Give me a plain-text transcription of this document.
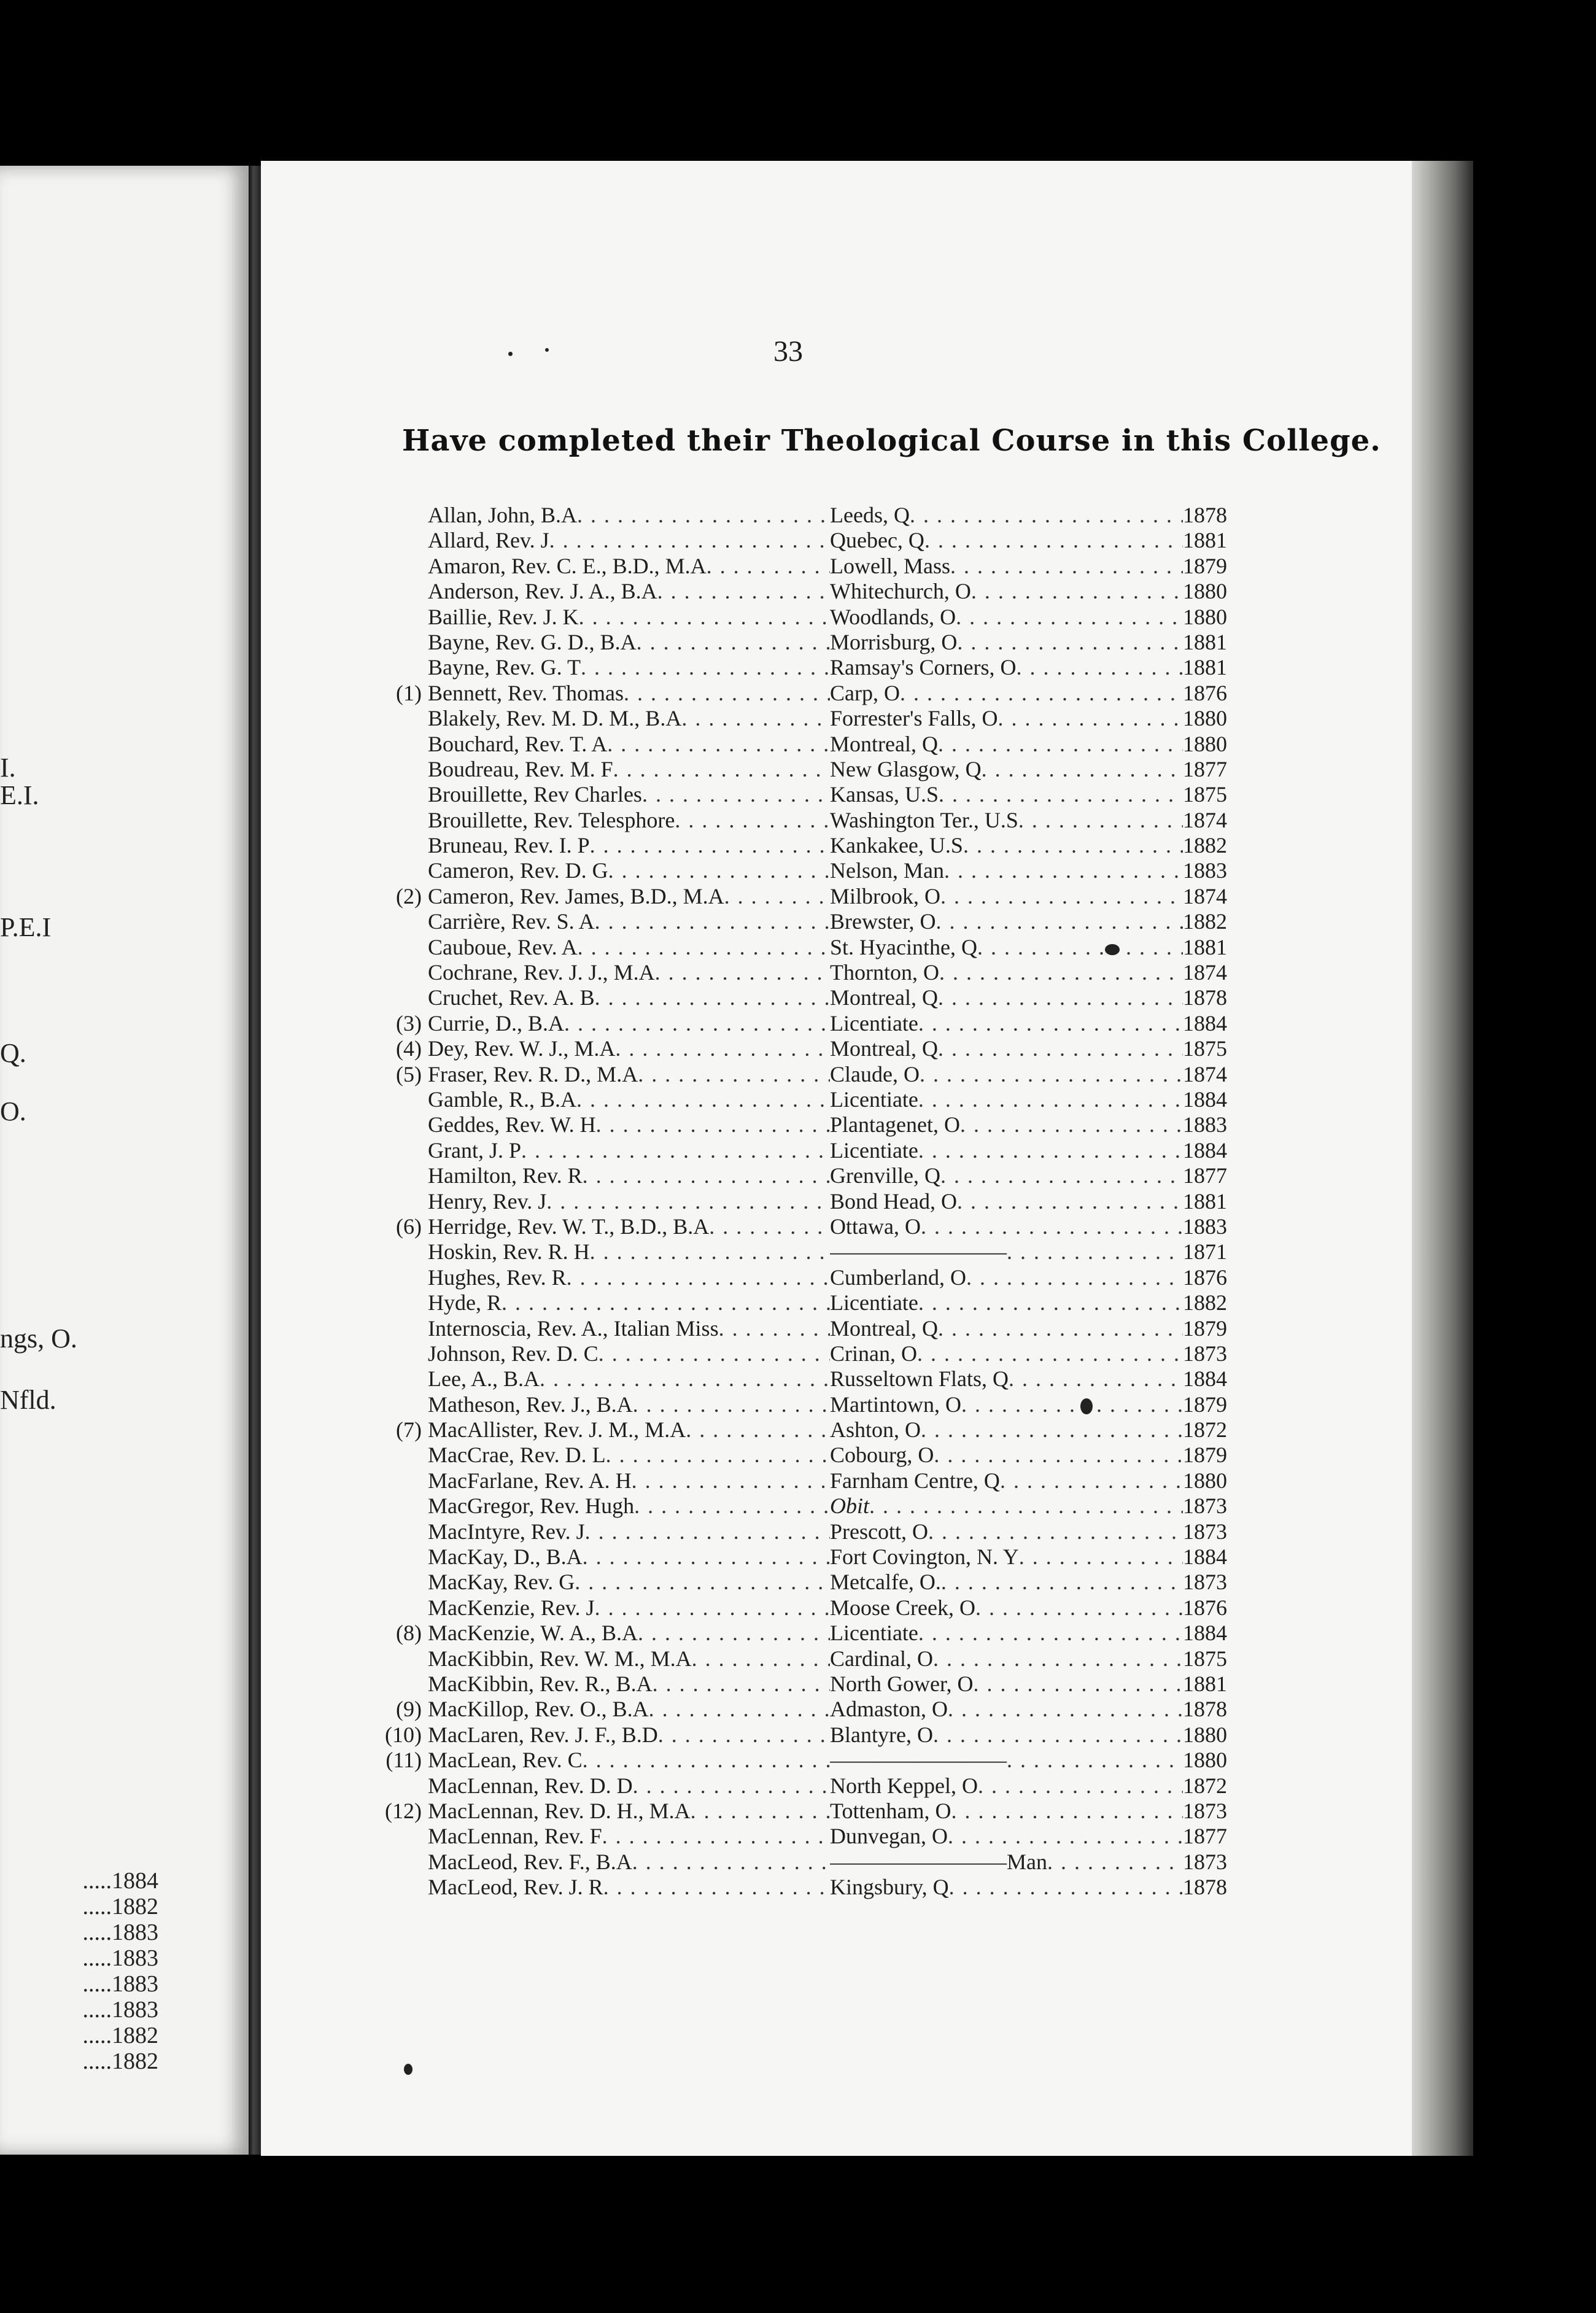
I.
E.I.
P.E.I
Q.
O.
ngs, O.
Nfld.
.....1884
.....1882
.....1883
.....1883
.....1883
.....1883
.....1882
.....1882
33
Have completed their Theological Course in this College.
Allan, John, B.A . . .	Leeds, Q . . .	1878
Allard, Rev. J . . .	Quebec, Q . . .	1881
Amaron, Rev. C. E., B.D., M.A . . .	Lowell, Mass . . .	1879
Anderson, Rev. J. A., B.A . . .	Whitechurch, O . . .	1880
Baillie, Rev. J. K . . .	Woodlands, O . . .	1880
Bayne, Rev. G. D., B.A . . .	Morrisburg, O . . .	1881
Bayne, Rev. G. T . . .	Ramsay's Corners, O . . .	1881
(1) Bennett, Rev. Thomas . . .	Carp, O . . .	1876
Blakely, Rev. M. D. M., B.A . . .	Forrester's Falls, O . . .	1880
Bouchard, Rev. T. A . . .	Montreal, Q . . .	1880
Boudreau, Rev. M. F . . .	New Glasgow, Q . . .	1877
Brouillette, Rev Charles . . .	Kansas, U.S . . .	1875
Brouillette, Rev. Telesphore . . .	Washington Ter., U.S . . .	1874
Bruneau, Rev. I. P . . .	Kankakee, U.S . . .	1882
Cameron, Rev. D. G . . .	Nelson, Man . . .	1883
(2) Cameron, Rev. James, B.D., M.A . . .	Milbrook, O . . .	1874
Carrière, Rev. S. A . . .	Brewster, O . . .	1882
Cauboue, Rev. A . . .	St. Hyacinthe, Q . . .	1881
Cochrane, Rev. J. J., M.A . . .	Thornton, O . . .	1874
Cruchet, Rev. A. B . . .	Montreal, Q . . .	1878
(3) Currie, D., B.A . . .	Licentiate . . .	1884
(4) Dey, Rev. W. J., M.A . . .	Montreal, Q . . .	1875
(5) Fraser, Rev. R. D., M.A . . .	Claude, O . . .	1874
Gamble, R., B.A . . .	Licentiate . . .	1884
Geddes, Rev. W. H . . .	Plantagenet, O . . .	1883
Grant, J. P . . .	Licentiate . . .	1884
Hamilton, Rev. R . . .	Grenville, Q . . .	1877
Henry, Rev. J . . .	Bond Head, O . . .	1881
(6) Herridge, Rev. W. T., B.D., B.A . . .	Ottawa, O . . .	1883
Hoskin, Rev. R. H . . .	———————— . . .	1871
Hughes, Rev. R . . .	Cumberland, O . . .	1876
Hyde, R . . .	Licentiate . . .	1882
Internoscia, Rev. A., Italian Miss . . .	Montreal, Q . . .	1879
Johnson, Rev. D. C . . .	Crinan, O . . .	1873
Lee, A., B.A . . .	Russeltown Flats, Q . . .	1884
Matheson, Rev. J., B.A . . .	Martintown, O . . .	1879
(7) MacAllister, Rev. J. M., M.A . . .	Ashton, O . . .	1872
MacCrae, Rev. D. L . . .	Cobourg, O . . .	1879
MacFarlane, Rev. A. H . . .	Farnham Centre, Q . . .	1880
MacGregor, Rev. Hugh . . .	Obit . . .	1873
MacIntyre, Rev. J . . .	Prescott, O . . .	1873
MacKay, D., B.A . . .	Fort Covington, N. Y . . .	1884
MacKay, Rev. G . . .	Metcalfe, O. . . .	1873
MacKenzie, Rev. J . . .	Moose Creek, O . . .	1876
(8) MacKenzie, W. A., B.A . . .	Licentiate . . .	1884
MacKibbin, Rev. W. M., M.A . . .	Cardinal, O . . .	1875
MacKibbin, Rev. R., B.A . . .	North Gower, O . . .	1881
(9) MacKillop, Rev. O., B.A . . .	Admaston, O . . .	1878
(10) MacLaren, Rev. J. F., B.D . . .	Blantyre, O . . .	1880
(11) MacLean, Rev. C . . .	———————— . . .	1880
MacLennan, Rev. D. D . . .	North Keppel, O . . .	1872
(12) MacLennan, Rev. D. H., M.A . . .	Tottenham, O . . .	1873
MacLennan, Rev. F . . .	Dunvegan, O . . .	1877
MacLeod, Rev. F., B.A . . .	————————Man . . .	1873
MacLeod, Rev. J. R . . .	Kingsbury, Q . . .	1878
